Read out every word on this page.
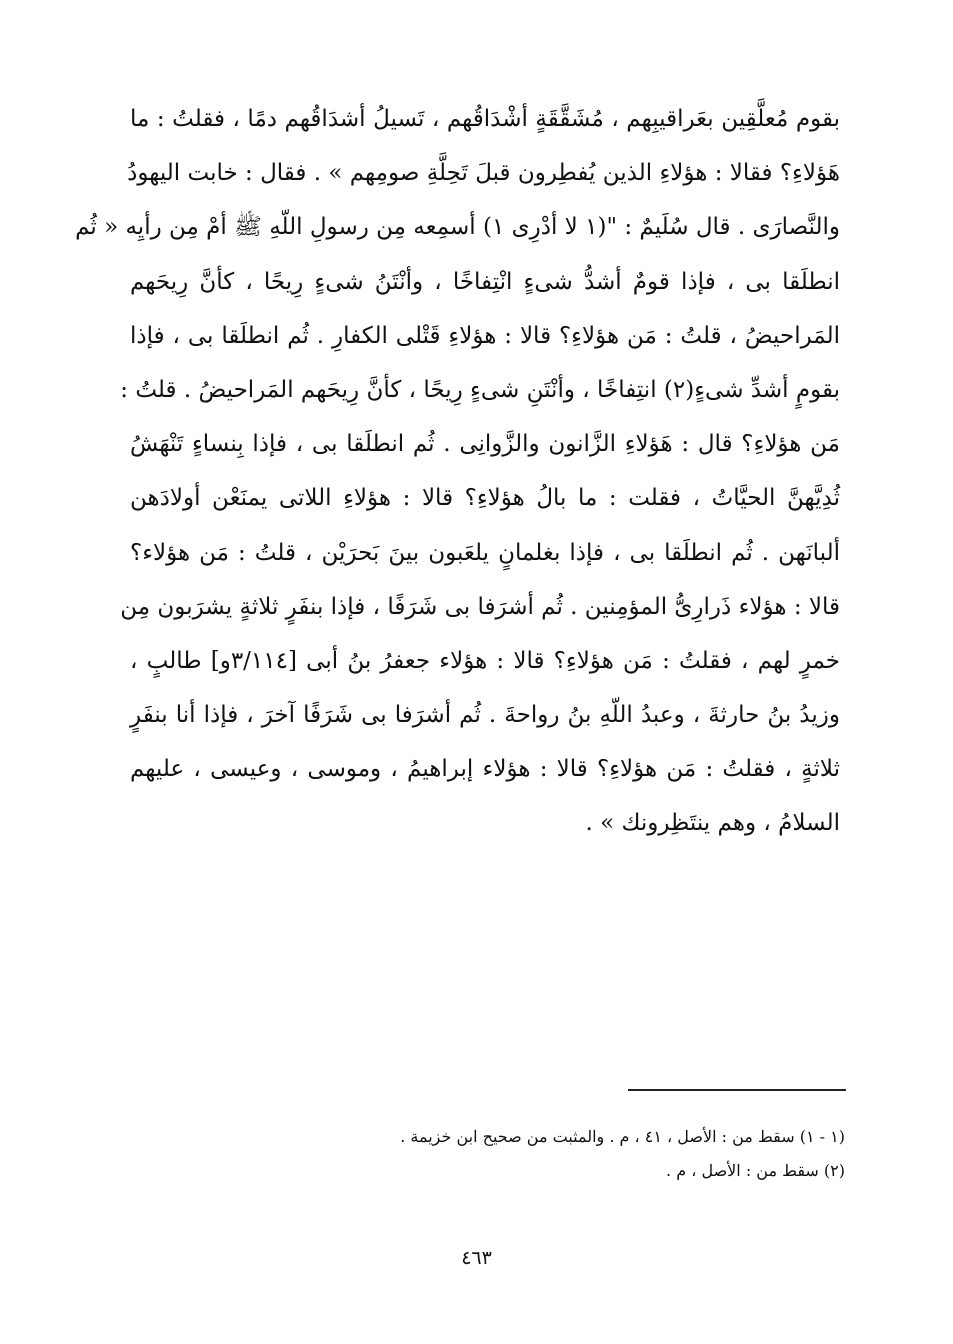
بقوم مُعلَّقِين بعَراقيبِهم ، مُشَقَّقَةٍ أشْدَاقُهم ، تَسيلُ أشدَاقُهم دمًا ، فقلتُ : ما
هَؤلاءِ؟ فقالا : هؤلاءِ الذين يُفطِرون قبلَ تَحِلَّةِ صومِهم » . فقال : خابت اليهودُ
والنَّصارَى . قال سُلَيمٌ : "(١ لا أدْرِى ١) أسمِعه مِن رسولِ اللّهِ ﷺ أمْ مِن رأيِه « ثُم
انطلَقا بى ، فإذا قومٌ أشدُّ شىءٍ انْتِفاخًا ، وأنْتَنُ شىءٍ رِيحًا ، كأنَّ رِيحَهم
المَراحيضُ ، قلتُ : مَن هؤلاءِ؟ قالا : هؤلاءِ قَتْلى الكفارِ . ثُم انطلَقا بى ، فإذا
بقومٍ أشدِّ شىءٍ(٢) انتِفاخًا ، وأنْتَنِ شىءٍ رِيحًا ، كأنَّ رِيحَهم المَراحيضُ . قلتُ :
مَن هؤلاءِ؟ قال : هَؤلاءِ الزَّانون والزَّوانِى . ثُم انطلَقا بى ، فإذا بِنساءٍ تَنْهَشُ
ثُدِيَّهنَّ الحيَّاتُ ، فقلت : ما بالُ هؤلاءِ؟ قالا : هؤلاءِ اللاتى يمنَعْن أولادَهن
ألبانَهن . ثُم انطلَقا بى ، فإذا بغلمانٍ يلعَبون بينَ بَحرَيْن ، قلتُ : مَن هؤلاء؟
قالا : هؤلاء ذَرارِىُّ المؤمِنين . ثُم أشرَفا بى شَرَفًا ، فإذا بنفَرٍ ثلاثةٍ يشرَبون مِن
خمرٍ لهم ، فقلتُ : مَن هؤلاءِ؟ قالا : هؤلاء جعفرُ بنُ أبى [٣/١١٤و] طالبٍ ،
وزيدُ بنُ حارثةَ ، وعبدُ اللّهِ بنُ رواحةَ . ثُم أشرَفا بى شَرَفًا آخرَ ، فإذا أنا بنفَرٍ
ثلاثةٍ ، فقلتُ : مَن هؤلاءِ؟ قالا : هؤلاء إبراهيمُ ، وموسى ، وعيسى ، عليهم
السلامُ ، وهم ينتَظِرونك » .
(١ - ١) سقط من : الأصل ، ٤١ ، م . والمثبت من صحيح ابن خزيمة .
(٢) سقط من : الأصل ، م .
٤٦٣
